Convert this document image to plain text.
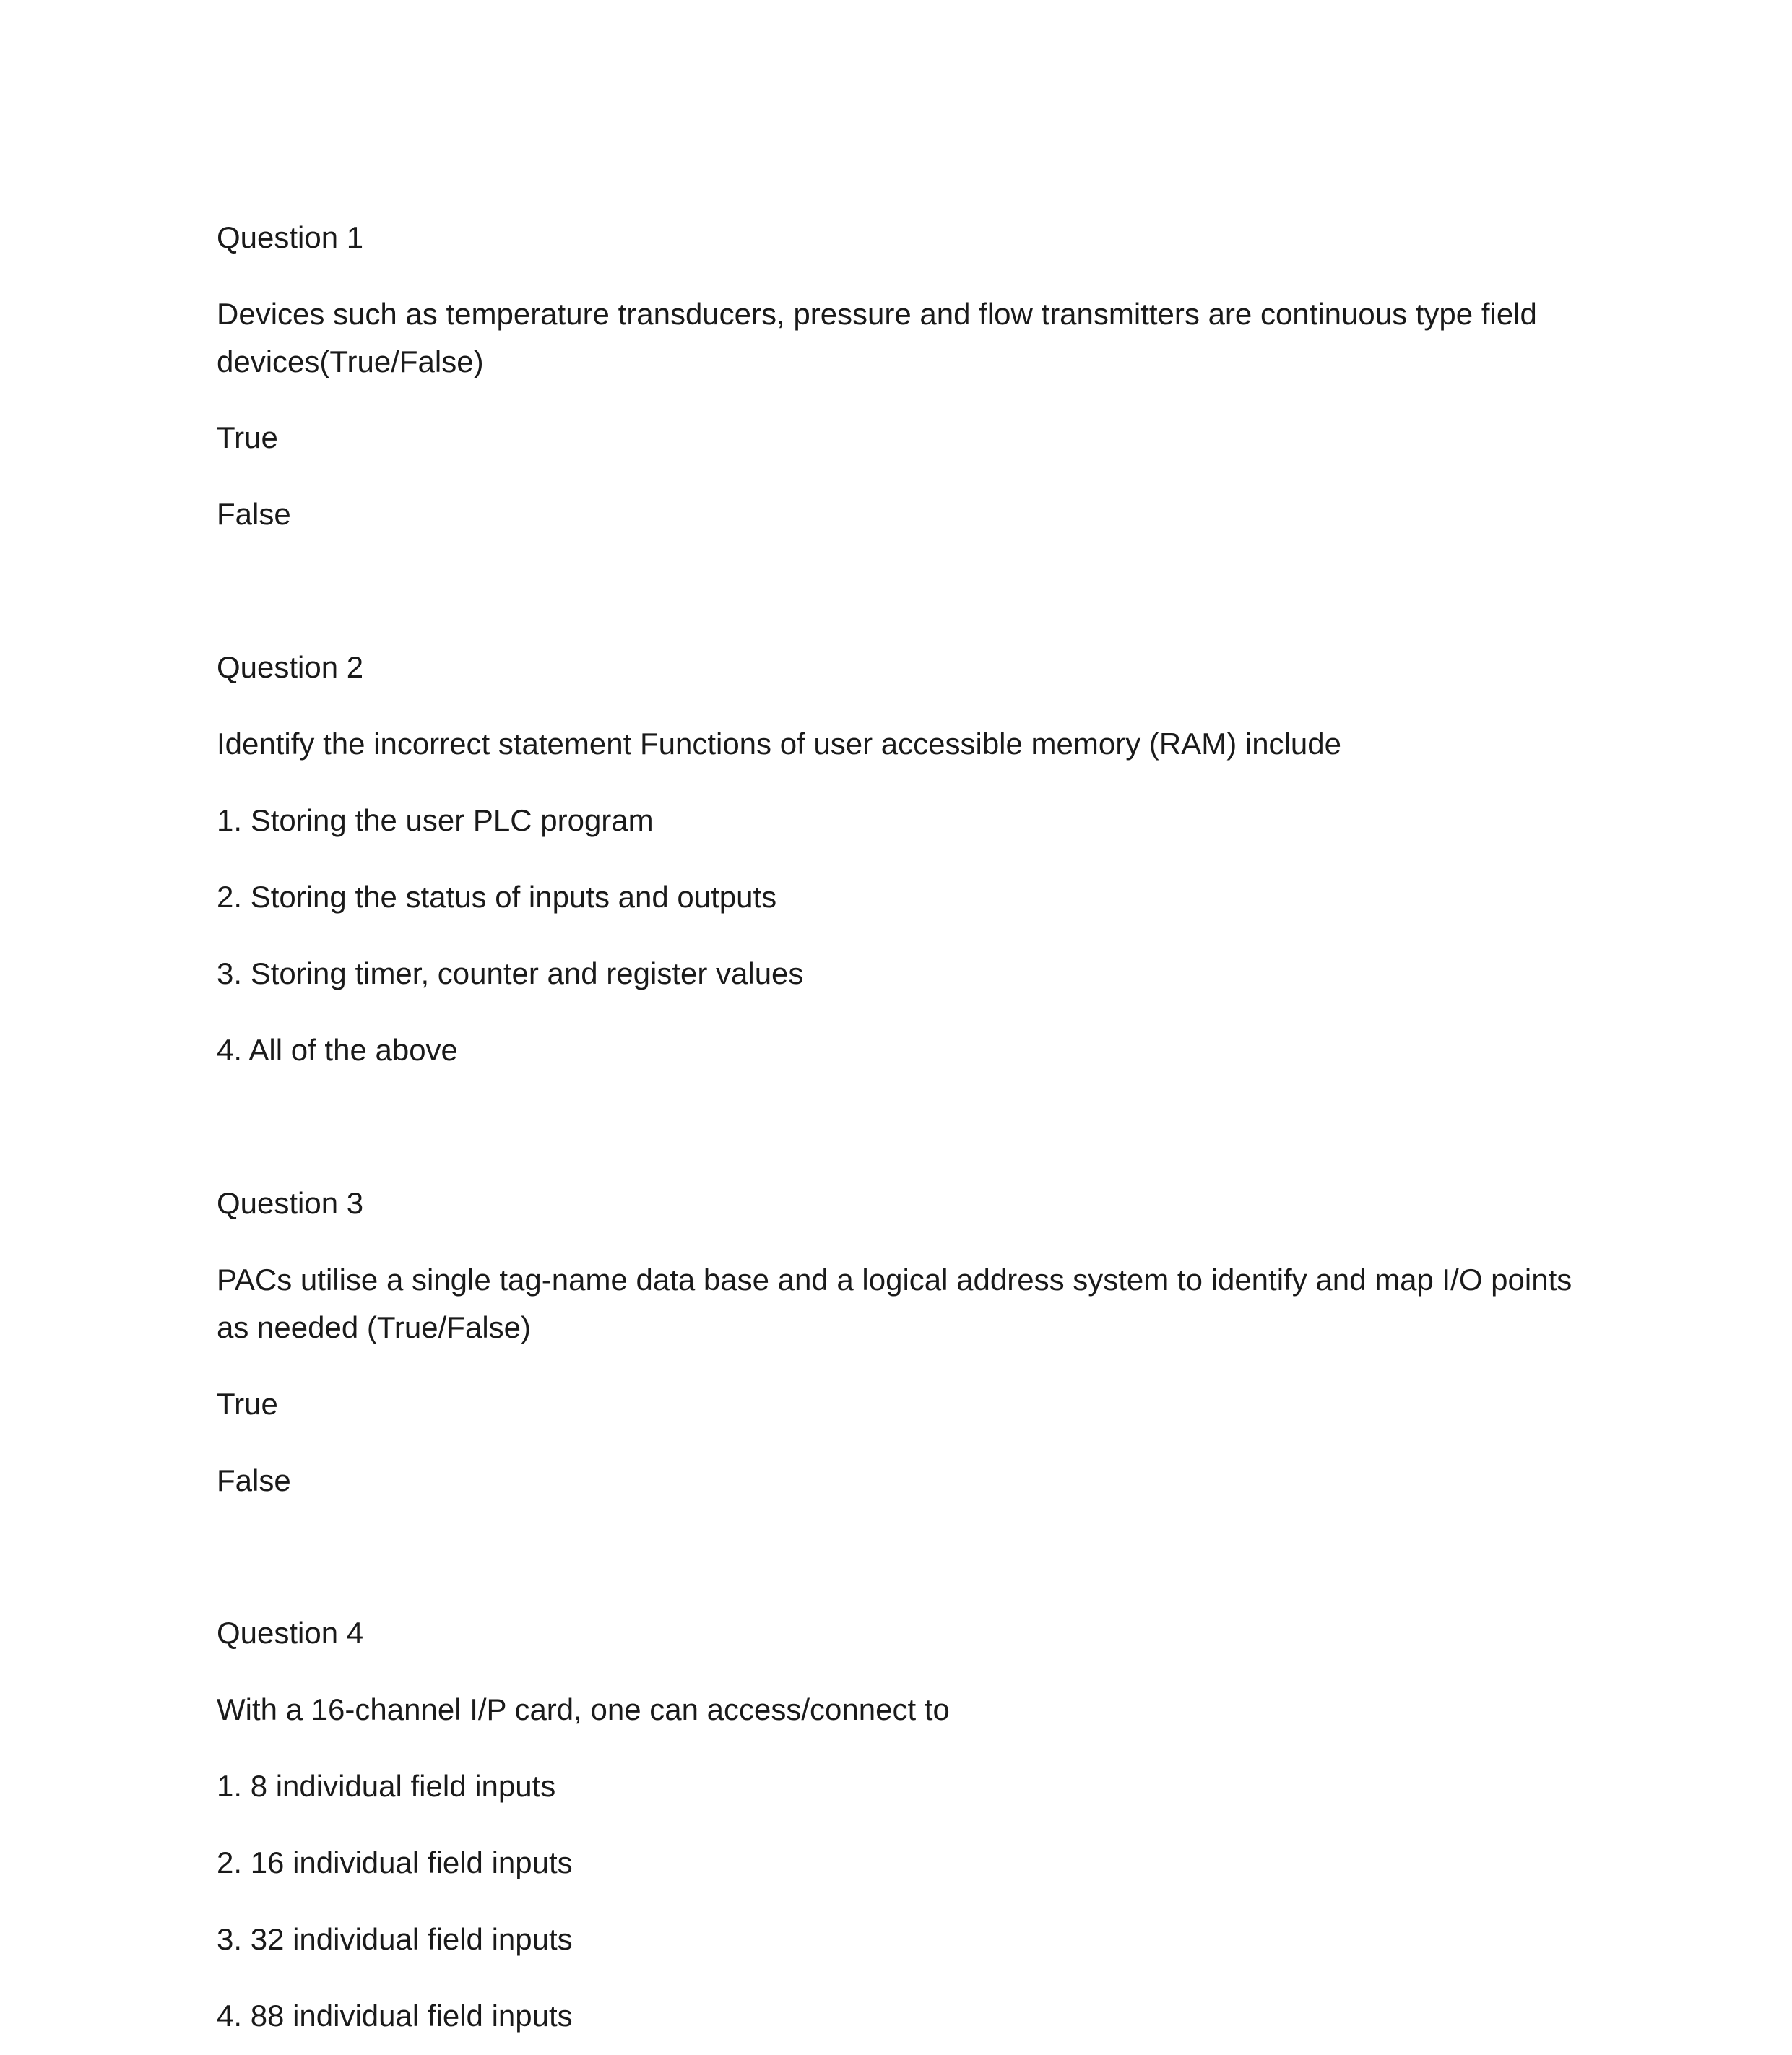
Question 1

Devices such as temperature transducers, pressure and flow transmitters are continuous type field

devices(True/False)

True

False

Question 2

Identify the incorrect statement Functions of user accessible memory (RAM) include

1. Storing the user PLC program

2. Storing the status of inputs and outputs

3. Storing timer, counter and register values

4. All of the above

Question 3

PACs utilise a single tag-name data base and a logical address system to identify and map I/O points

as needed (True/False)

True

False

Question 4

With a 16-channel I/P card, one can access/connect to

1. 8 individual field inputs

2. 16 individual field inputs

3. 32 individual field inputs

4. 88 individual field inputs
